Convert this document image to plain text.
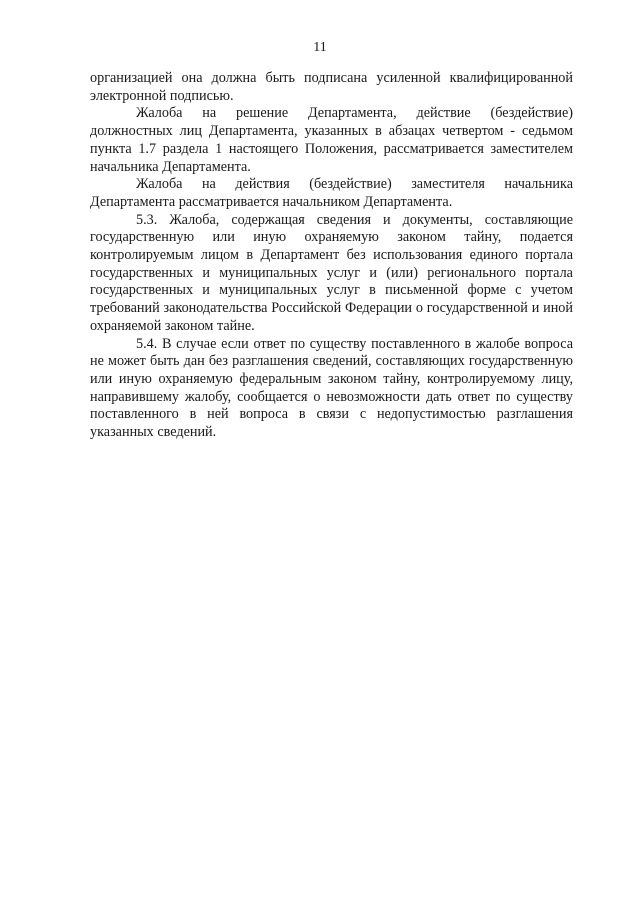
11

организацией она должна быть подписана усиленной квалифицированной электронной подписью.

Жалоба на решение Департамента, действие (бездействие) должностных лиц Департамента, указанных в абзацах четвертом - седьмом пункта 1.7 раздела 1 настоящего Положения, рассматривается заместителем начальника Департамента.

Жалоба на действия (бездействие) заместителя начальника Департамента рассматривается начальником Департамента.

5.3. Жалоба, содержащая сведения и документы, составляющие государственную или иную охраняемую законом тайну, подается контролируемым лицом в Департамент без использования единого портала государственных и муниципальных услуг и (или) регионального портала государственных и муниципальных услуг в письменной форме с учетом требований законодательства Российской Федерации о государственной и иной охраняемой законом тайне.

5.4. В случае если ответ по существу поставленного в жалобе вопроса не может быть дан без разглашения сведений, составляющих государственную или иную охраняемую федеральным законом тайну, контролируемому лицу, направившему жалобу, сообщается о невозможности дать ответ по существу поставленного в ней вопроса в связи с недопустимостью разглашения указанных сведений.
